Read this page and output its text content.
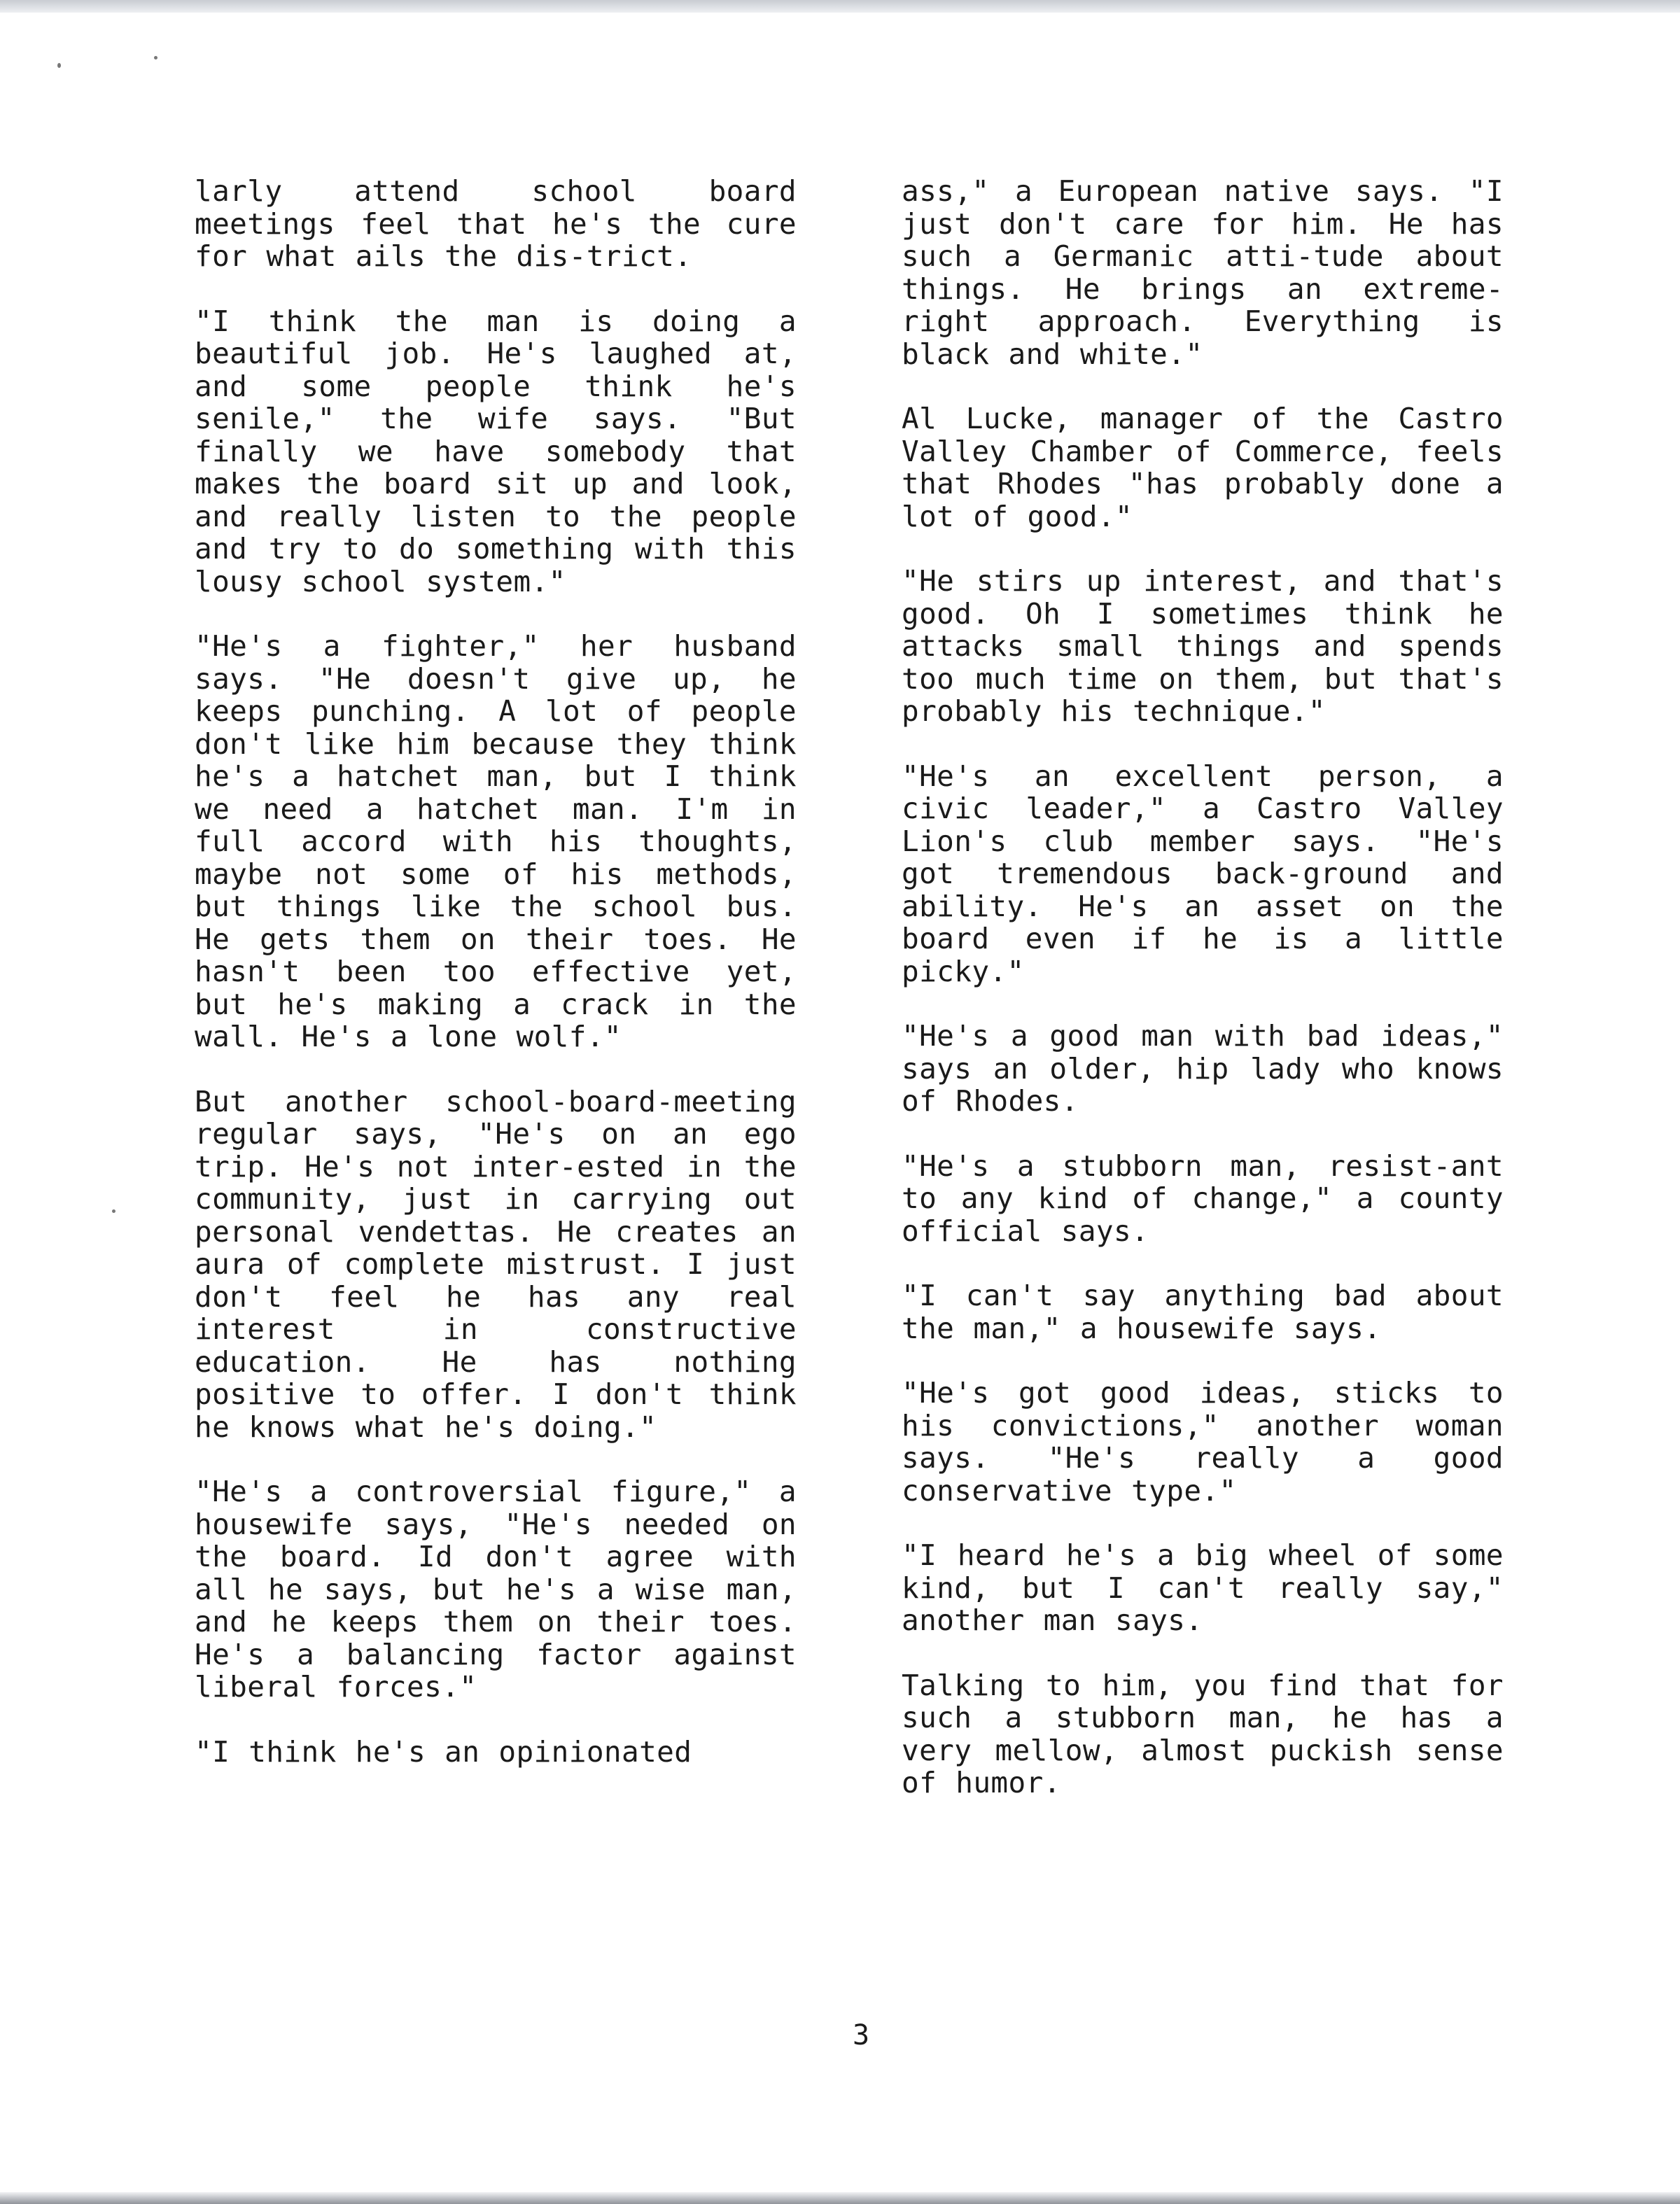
larly attend school board meetings feel that he's the cure for what ails the dis-trict.

"I think the man is doing a beautiful job. He's laughed at, and some people think he's senile," the wife says. "But finally we have somebody that makes the board sit up and look, and really listen to the people and try to do something with this lousy school system."

"He's a fighter," her husband says. "He doesn't give up, he keeps punching. A lot of people don't like him because they think he's a hatchet man, but I think we need a hatchet man. I'm in full accord with his thoughts, maybe not some of his methods, but things like the school bus. He gets them on their toes. He hasn't been too effective yet, but he's making a crack in the wall. He's a lone wolf."

But another school-board-meeting regular says, "He's on an ego trip. He's not inter-ested in the community, just in carrying out personal vendettas. He creates an aura of complete mistrust. I just don't feel he has any real interest in constructive education. He has nothing positive to offer. I don't think he knows what he's doing."

"He's a controversial figure," a housewife says, "He's needed on the board. Id don't agree with all he says, but he's a wise man, and he keeps them on their toes. He's a balancing factor against liberal forces."

"I think he's an opinionated

ass," a European native says. "I just don't care for him. He has such a Germanic atti-tude about things. He brings an extreme-right approach. Everything is black and white."

Al Lucke, manager of the Castro Valley Chamber of Commerce, feels that Rhodes "has probably done a lot of good."

"He stirs up interest, and that's good. Oh I sometimes think he attacks small things and spends too much time on them, but that's probably his technique."

"He's an excellent person, a civic leader," a Castro Valley Lion's club member says. "He's got tremendous back-ground and ability. He's an asset on the board even if he is a little picky."

"He's a good man with bad ideas," says an older, hip lady who knows of Rhodes.

"He's a stubborn man, resist-ant to any kind of change," a county official says.

"I can't say anything bad about the man," a housewife says.

"He's got good ideas, sticks to his convictions," another woman says. "He's really a good conservative type."

"I heard he's a big wheel of some kind, but I can't really say," another man says.

Talking to him, you find that for such a stubborn man, he has a very mellow, almost puckish sense of humor.

3
